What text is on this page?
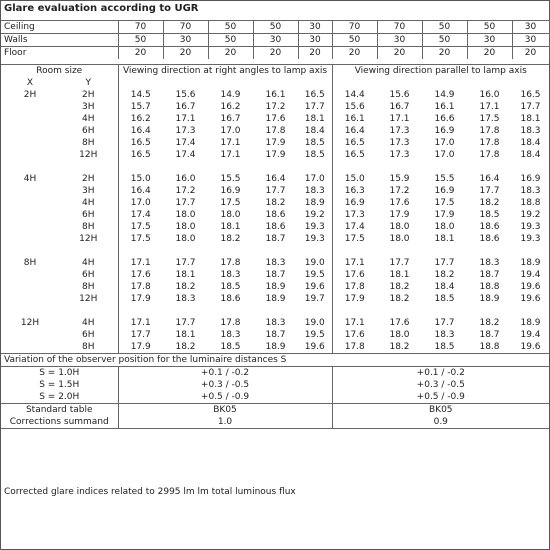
Glare evaluation according to UGR
Ceiling	70	70	50	50	30	70	70	50	50	30
Walls	50	30	50	30	30	50	30	50	30	30
Floor	20	20	20	20	20	20	20	20	20	20
Room size		Viewing direction at right angles to lamp axis					Viewing direction parallel to lamp axis				
X	Y										
2H	2H	14.5	15.6	14.9	16.1	16.5	14.4	15.6	14.9	16.0	16.5
	3H	15.7	16.7	16.2	17.2	17.7	15.6	16.7	16.1	17.1	17.7
	4H	16.2	17.1	16.7	17.6	18.1	16.1	17.1	16.6	17.5	18.1
	6H	16.4	17.3	17.0	17.8	18.4	16.4	17.3	16.9	17.8	18.3
	8H	16.5	17.4	17.1	17.9	18.5	16.5	17.3	17.0	17.8	18.4
	12H	16.5	17.4	17.1	17.9	18.5	16.5	17.3	17.0	17.8	18.4

4H	2H	15.0	16.0	15.5	16.4	17.0	15.0	15.9	15.5	16.4	16.9
	3H	16.4	17.2	16.9	17.7	18.3	16.3	17.2	16.9	17.7	18.3
	4H	17.0	17.7	17.5	18.2	18.9	16.9	17.6	17.5	18.2	18.8
	6H	17.4	18.0	18.0	18.6	19.2	17.3	17.9	17.9	18.5	19.2
	8H	17.5	18.0	18.1	18.6	19.3	17.4	18.0	18.0	18.6	19.3
	12H	17.5	18.0	18.2	18.7	19.3	17.5	18.0	18.1	18.6	19.3

8H	4H	17.1	17.7	17.8	18.3	19.0	17.1	17.7	17.7	18.3	18.9
	6H	17.6	18.1	18.3	18.7	19.5	17.6	18.1	18.2	18.7	19.4
	8H	17.8	18.2	18.5	18.9	19.6	17.8	18.2	18.4	18.8	19.6
	12H	17.9	18.3	18.6	18.9	19.7	17.9	18.2	18.5	18.9	19.6

12H	4H	17.1	17.7	17.8	18.3	19.0	17.1	17.6	17.7	18.2	18.9
	6H	17.7	18.1	18.3	18.7	19.5	17.6	18.0	18.3	18.7	19.4
	8H	17.9	18.2	18.5	18.9	19.6	17.8	18.2	18.5	18.8	19.6
Variation of the observer position for the luminaire distances S											
S = 1.0H		+0.1 / -0.2					+0.1 / -0.2				
S = 1.5H		+0.3 / -0.5					+0.3 / -0.5				
S = 2.0H		+0.5 / -0.9					+0.5 / -0.9				
Standard table		BK05					BK05				
Corrections summand		1.0					0.9				

Corrected glare indices related to 2995 lm lm total luminous flux
